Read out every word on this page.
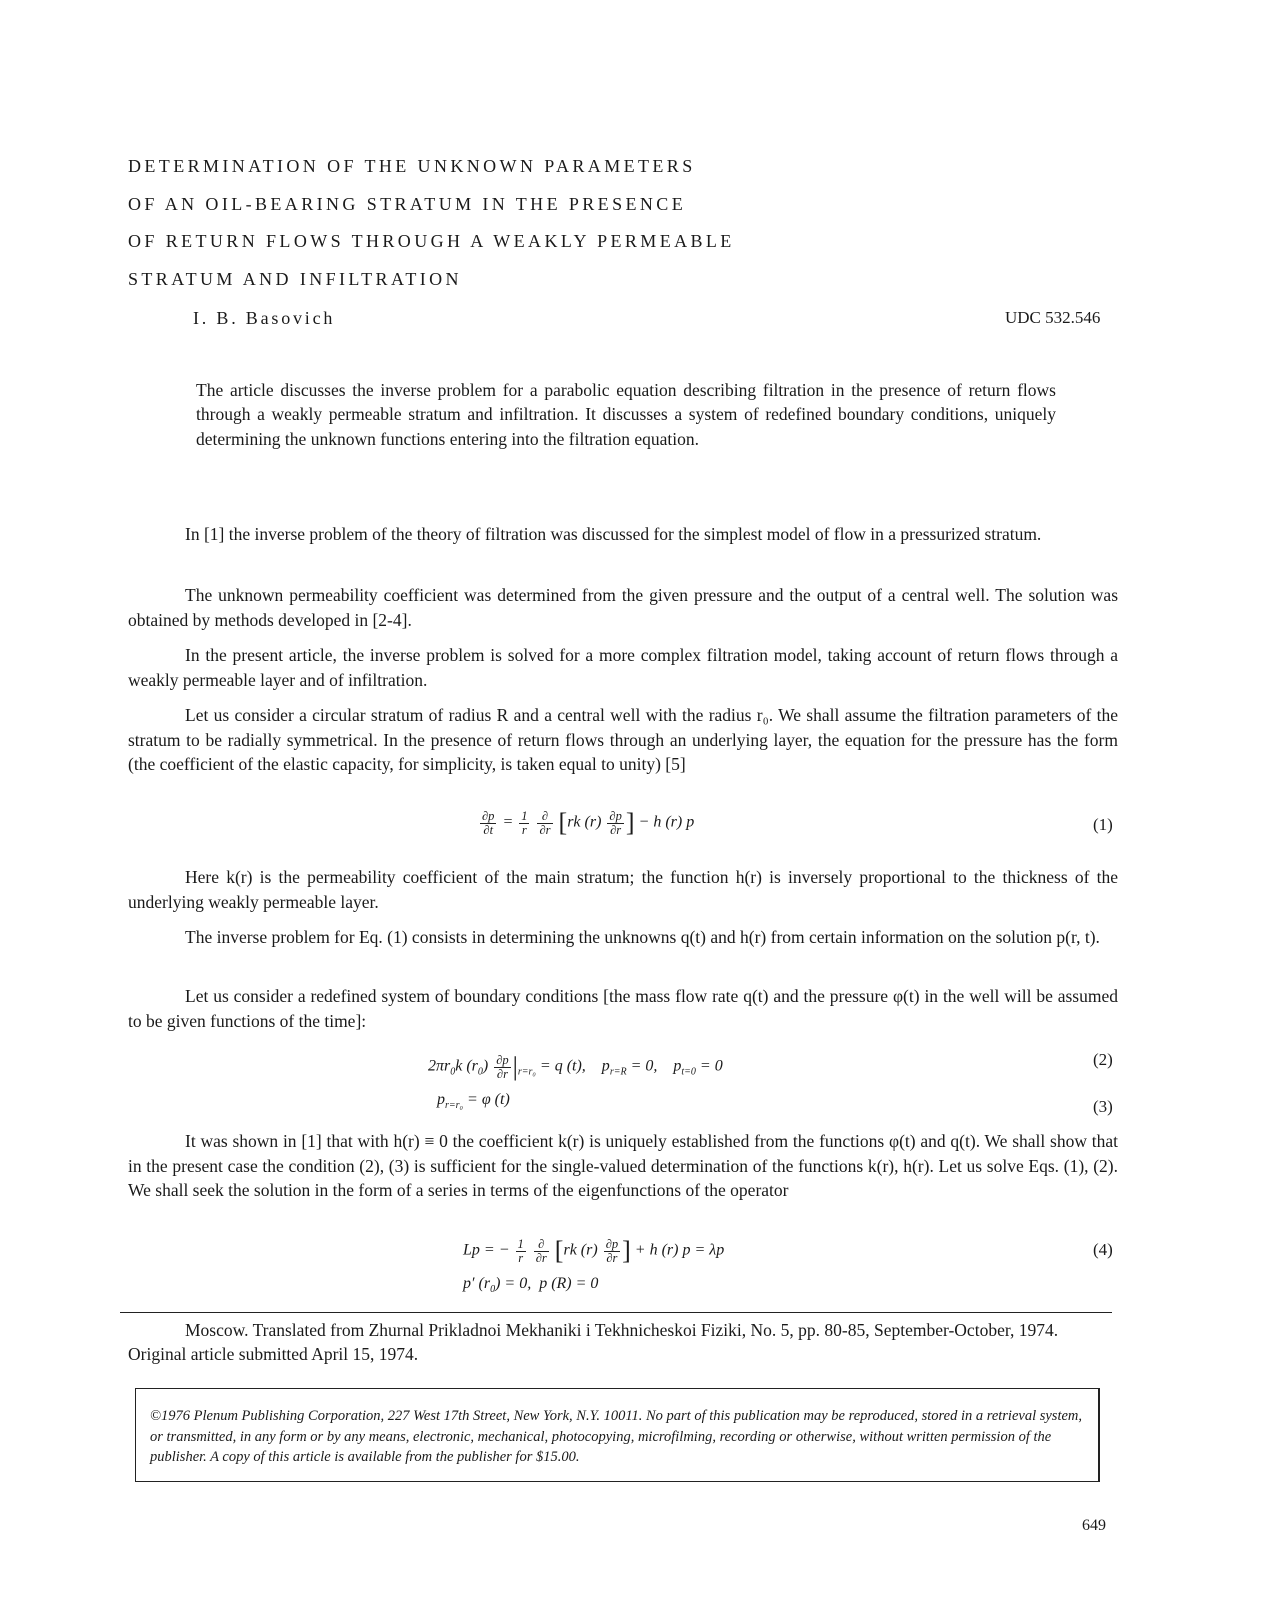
DETERMINATION OF THE UNKNOWN PARAMETERS
OF AN OIL-BEARING STRATUM IN THE PRESENCE
OF RETURN FLOWS THROUGH A WEAKLY PERMEABLE
STRATUM AND INFILTRATION
I. B. Basovich	UDC 532.546
The article discusses the inverse problem for a parabolic equation describing filtration in the presence of return flows through a weakly permeable stratum and infiltration. It discusses a system of redefined boundary conditions, uniquely determining the unknown functions entering into the filtration equation.
In [1] the inverse problem of the theory of filtration was discussed for the simplest model of flow in a pressurized stratum.
The unknown permeability coefficient was determined from the given pressure and the output of a central well. The solution was obtained by methods developed in [2-4].
In the present article, the inverse problem is solved for a more complex filtration model, taking account of return flows through a weakly permeable layer and of infiltration.
Let us consider a circular stratum of radius R and a central well with the radius r₀. We shall assume the filtration parameters of the stratum to be radially symmetrical. In the presence of return flows through an underlying layer, the equation for the pressure has the form (the coefficient of the elastic capacity, for simplicity, is taken equal to unity) [5]
$\frac{\partial p}{\partial t} = \frac{1}{r}$
$\frac{\partial}{\partial r} [rk$ $(r) \frac{\partial p}{\partial r}$ ] − h (r) p	(1)
Here k(r) is the permeability coefficient of the main stratum; the function h(r) is inversely proportional to the thickness of the underlying weakly permeable layer.
The inverse problem for Eq. (1) consists in determining the unknowns q(t) and h(r) from certain information on the solution p(r, t).
Let us consider a redefined system of boundary conditions [the mass flow rate q(t) and the pressure φ(t) in the well will be assumed to be given functions of the time]:
$2\pi r_0k$ $(r_0) \frac{\partial p}{\partial r} |_{r=r_0} = q$ (t),    $p_{r=R} = 0$,    $p_{t=0} = 0$	(2)
$p_{r=r_0} = \varphi$ (t)	(3)
It was shown in [1] that with h(r) ≡ 0 the coefficient k(r) is uniquely established from the functions φ(t) and q(t). We shall show that in the present case the condition (2), (3) is sufficient for the single-valued determination of the functions k(r), h(r). Let us solve Eqs. (1), (2). We shall seek the solution in the form of a series in terms of the eigenfunctions of the operator
Lp = − $\frac{1}{r}$
$\frac{\partial}{\partial r} [rk$ $(r) \frac{\partial p}{\partial r}$ ] + h (r) p = λp
p′ $(r_0) = 0$,  p (R) = 0
(4)
Moscow. Translated from Zhurnal Prikladnoi Mekhaniki i Tekhnicheskoi Fiziki, No. 5, pp. 80-85, September-October, 1974. Original article submitted April 15, 1974.
©1976 Plenum Publishing Corporation, 227 West 17th Street, New York, N.Y. 10011. No part of this publication may be reproduced, stored in a retrieval system, or transmitted, in any form or by any means, electronic, mechanical, photocopying, microfilming, recording or otherwise, without written permission of the publisher. A copy of this article is available from the publisher for $15.00.
649
